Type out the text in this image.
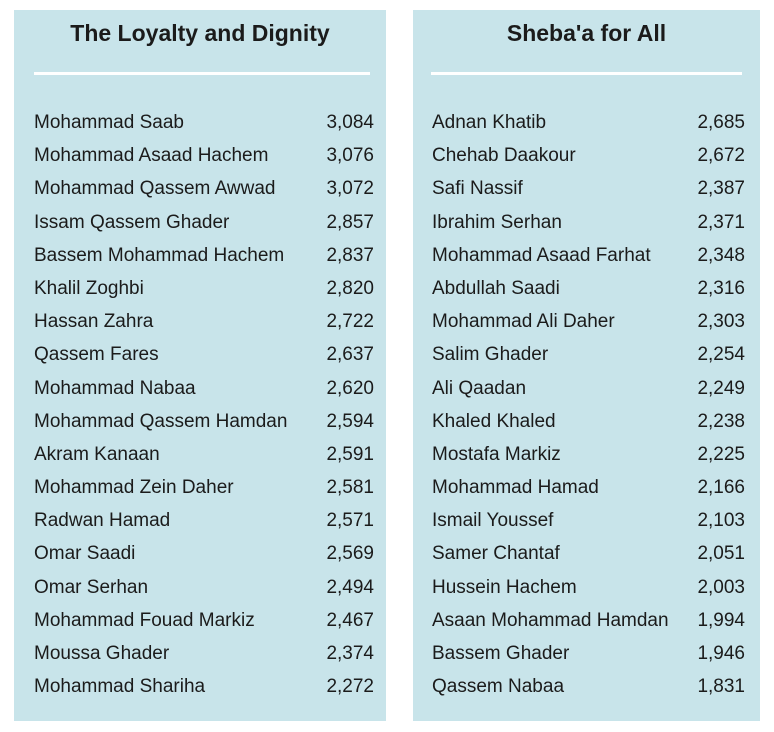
The Loyalty and Dignity
Mohammad Saab	3,084
Mohammad Asaad Hachem	3,076
Mohammad Qassem Awwad	3,072
Issam Qassem Ghader	2,857
Bassem Mohammad Hachem 2,837
Khalil Zoghbi	2,820
Hassan Zahra	2,722
Qassem Fares	2,637
Mohammad Nabaa	2,620
Mohammad Qassem Hamdan 2,594
Akram Kanaan	2,591
Mohammad Zein Daher	2,581
Radwan Hamad	2,571
Omar Saadi	2,569
Omar Serhan	2,494
Mohammad Fouad Markiz	2,467
Moussa Ghader	2,374
Mohammad Shariha	2,272
Sheba'a for All
Adnan Khatib	2,685
Chehab Daakour	2,672
Safi Nassif	2,387
Ibrahim Serhan	2,371
Mohammad Asaad Farhat 2,348
Abdullah Saadi	2,316
Mohammad Ali Daher	2,303
Salim Ghader	2,254
Ali Qaadan	2,249
Khaled Khaled	2,238
Mostafa Markiz	2,225
Mohammad Hamad	2,166
Ismail Youssef	2,103
Samer Chantaf	2,051
Hussein Hachem	2,003
Asaan Mohammad Hamdan 1,994
Bassem Ghader	1,946
Qassem Nabaa	1,831
